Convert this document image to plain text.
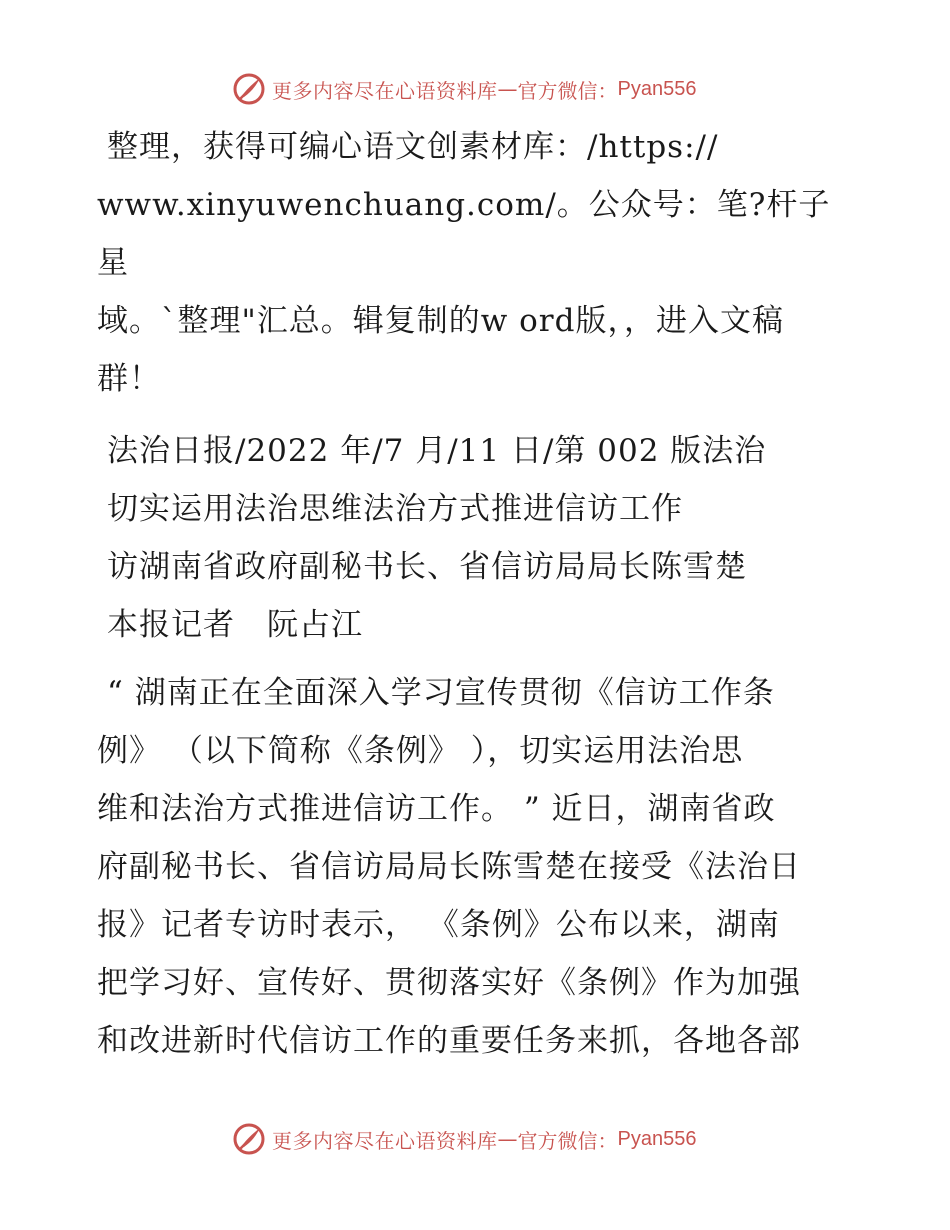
更多内容尽在心语资料库 — 官方微信： Pyan556

整理，获得可编心语文创素材库：/https://

www.xinyuwenchuang.com/。公众号：笔?杆子星

域。`整理"汇总。辑复制的w ord版，，进入文稿

群！

法治日报/2022 年/7 月/11 日/第 002 版法治

切实运用法治思维法治方式推进信访工作

访湖南省政府副秘书长、省信访局局长陈雪楚

本报记者　阮占江

“ 湖南正在全面深入学习宣传贯彻《信访工作条

例》 （以下简称《条例》 ），切实运用法治思

维和法治方式推进信访工作。 ” 近日，湖南省政

府副秘书长、省信访局局长陈雪楚在接受《法治日

报》记者专访时表示， 《条例》公布以来，湖南

把学习好、宣传好、贯彻落实好《条例》作为加强

和改进新时代信访工作的重要任务来抓，各地各部

更多内容尽在心语资料库 — 官方微信： Pyan556
